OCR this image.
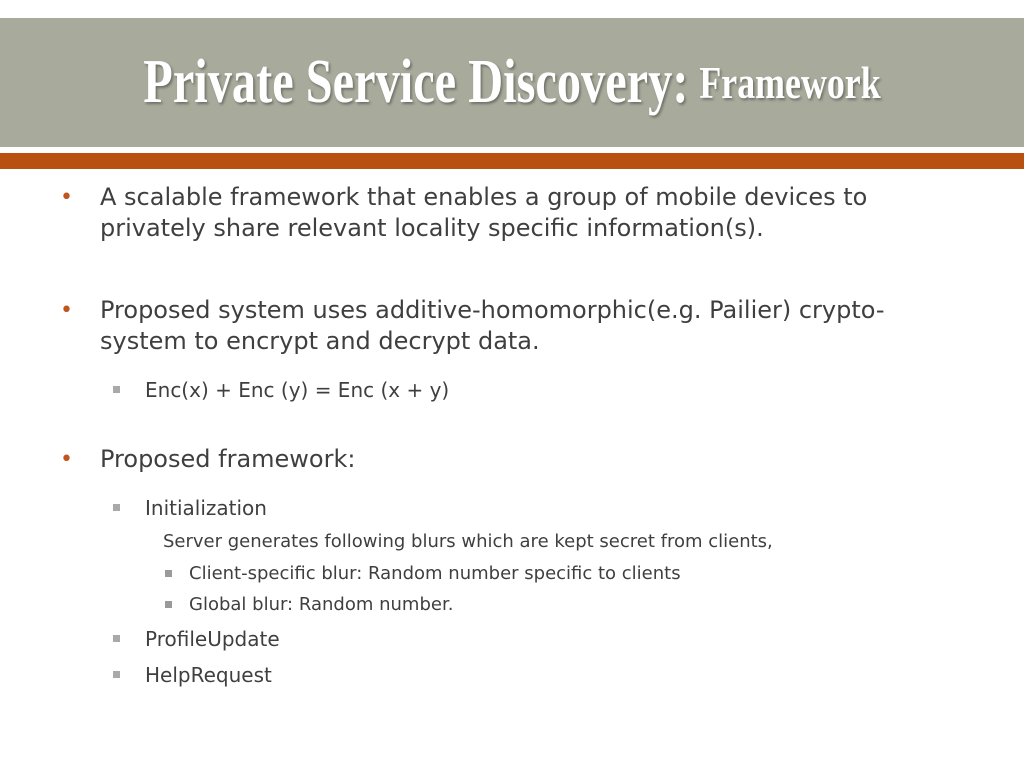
Private Service Discovery: Framework
• A scalable framework that enables a group of mobile devices to
privately share relevant locality specific information(s).
• Proposed system uses additive-homomorphic(e.g. Pailier) crypto-
system to encrypt and decrypt data.
Enc(x) + Enc (y) = Enc (x + y)
• Proposed framework:
Initialization
Server generates following blurs which are kept secret from clients,
Client-specific blur: Random number specific to clients
Global blur: Random number.
ProfileUpdate
HelpRequest
